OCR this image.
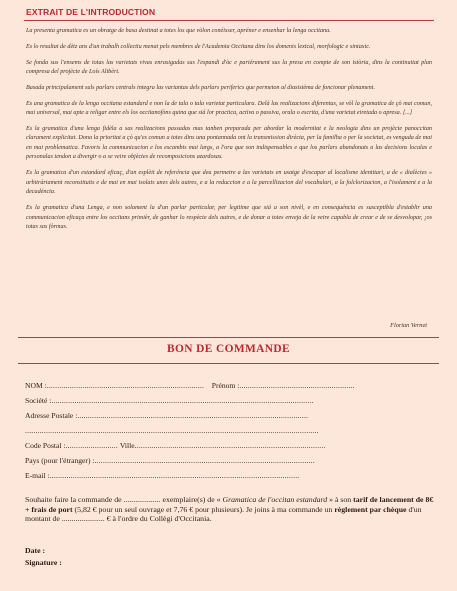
EXTRAIT DE L'INTRODUCTION

La presenta gramatica es un obratge de basa destinat a totes los que vòlon conéisser, apréner e ensenhar la lenga occitana.

Es lo resultat de dètz ans d'un trabalh collectiu menat pels membres de l'Academia Occitana dins los domenis lexical, morfologic e sintaxic.

Se fonda sus l'ensems de totas las varietats vivas enrasigadas sus l'espandi d'òc e pariérament sus la presa en compte de son istòria, dins la continuitat plan compresa del projècte de Loís Alibèrt.

Basada principalament suls parlars centrals integra las variantas dels parlars periferics que permeton al diasistèma de foncionar plenament.

Es una gramatica de la lenga occitana estandard e non la de tala o tala varietat particulara. Delà las realizacions diferentas, se vòl la gramatica de çò mai comun, mai universal, mai apte a religar entre els los occitanofòns quina que siá lor practica, activa o passiva, orala o escrita, d'una varietat eiretada o apresa. [...]

Es la gramatica d'una lenga fidèla a sas realizacions passadas mas tanben preparada per abordar la modernitat e la neologia dins un projècte panoccitan clarament explicitat. Dona la prioritat a çò qu'es comun a totes dins una pontannada ont la transmission dirècta, per la familha o per la societat, es venguda de mai en mai problematica. Favoris la communicacion e los escambis mai largs, a l'ora que son indispensables e que los parlars abandonats a las decisions localas e personalas tendon a divergir o a se veire objèctes de recomposicions azardosas.

Es la gramatica d'un estandard eficaç, d'un esplèit de referéncia que deu permetre a las varietats en usatge d'escapar al localisme identitari, a de « dialèctes » arbitràriament reconstituits e de mai en mai isolats unes dels autres, e a la reduccion e a la parcellizacion del vocabulari, a la folclorizacion, a l'isolament e a la decadéncia.

Es la gramatica d'una Lenga, e non solament la d'un parlar particular, per legitime que siá a son nivèl, e en consequéncia es susceptibla d'establir una communicacion eficaça entre los occitans primièr, de ganhar lo respècte dels autres, e de donar a totes enveja de la veire capabla de crear e de se desvolopar, ¡os totas sas fòrmas.

Florian Vernet
BON DE COMMANDE
NOM :........................................................................... Prénom :.......................................................
Société :.............................................................................................................................
Adresse Postale :..............................................................................................................
............................................................................................................................................
Code Postal :......................... Ville...........................................................................................
Pays (pour l'étranger) :.........................................................................................................
E-mail :.......................................................................................................................
Souhaite faire la commande de ................... exemplaire(s) de « Gramatica de l'occitan estandard » à son tarif de lancement de 8€ + frais de port (5,82 € pour un seul ouvrage et 7,76 € pour plusieurs). Je joins à ma commande un règlement par chèque d'un montant de ...................... € à l'ordre du Collègi d'Occitania.
Date :
Signature :
